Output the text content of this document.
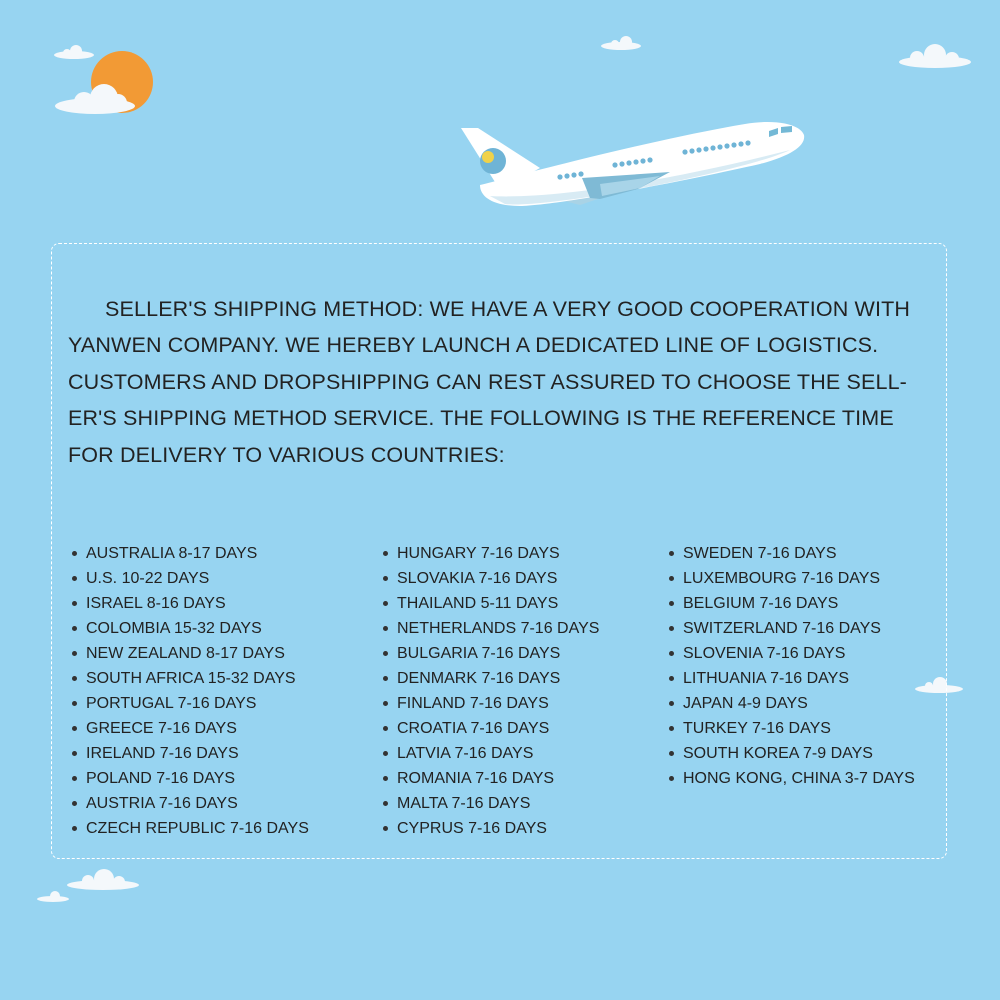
SELLER'S SHIPPING METHOD: WE HAVE A VERY GOOD COOPERATION WITH YANWEN COMPANY. WE HEREBY LAUNCH A DEDICATED LINE OF LOGISTICS. CUSTOMERS AND DROPSHIPPING CAN REST ASSURED TO CHOOSE THE SELL-ER'S SHIPPING METHOD SERVICE. THE FOLLOWING IS THE REFERENCE TIME FOR DELIVERY TO VARIOUS COUNTRIES:

AUSTRALIA 8-17 DAYS
U.S. 10-22 DAYS
ISRAEL 8-16 DAYS
COLOMBIA 15-32 DAYS
NEW ZEALAND 8-17 DAYS
SOUTH AFRICA 15-32 DAYS
PORTUGAL 7-16 DAYS
GREECE 7-16 DAYS
IRELAND 7-16 DAYS
POLAND 7-16 DAYS
AUSTRIA 7-16 DAYS
CZECH REPUBLIC 7-16 DAYS
HUNGARY 7-16 DAYS
SLOVAKIA 7-16 DAYS
THAILAND 5-11 DAYS
NETHERLANDS 7-16 DAYS
BULGARIA 7-16 DAYS
DENMARK 7-16 DAYS
FINLAND 7-16 DAYS
CROATIA 7-16 DAYS
LATVIA 7-16 DAYS
ROMANIA 7-16 DAYS
MALTA 7-16 DAYS
CYPRUS 7-16 DAYS
SWEDEN 7-16 DAYS
LUXEMBOURG 7-16 DAYS
BELGIUM 7-16 DAYS
SWITZERLAND 7-16 DAYS
SLOVENIA 7-16 DAYS
LITHUANIA 7-16 DAYS
JAPAN 4-9 DAYS
TURKEY 7-16 DAYS
SOUTH KOREA 7-9 DAYS
HONG KONG, CHINA 3-7 DAYS
